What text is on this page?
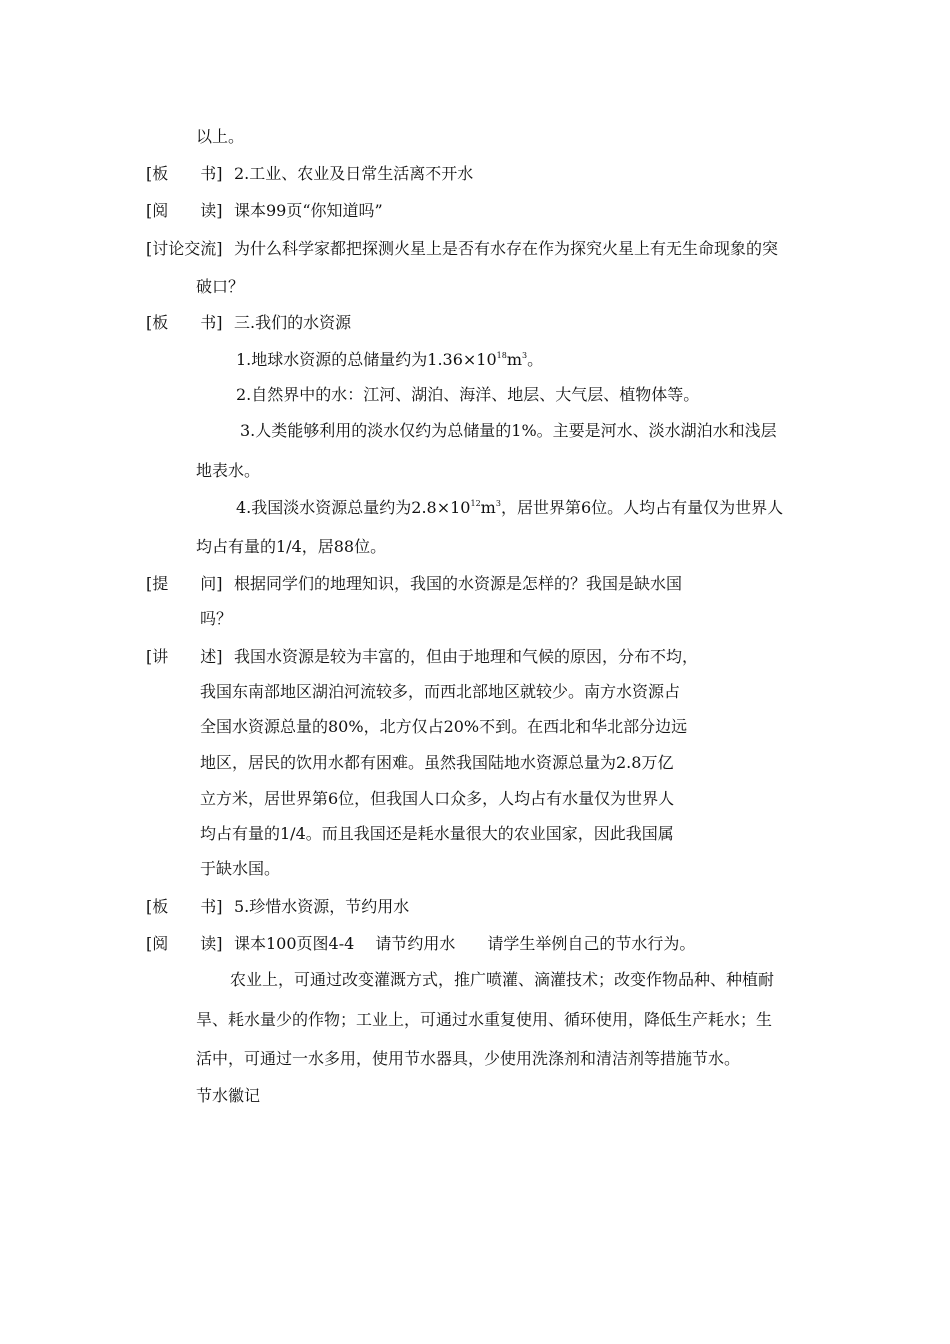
以上。
[板　　书] 2.工业、农业及日常生活离不开水
[阅　　读] 课本99页“你知道吗”
[讨论交流] 为什么科学家都把探测火星上是否有水存在作为探究火星上有无生命现象的突
破口？
[板　　书] 三.我们的水资源
1.地球水资源的总储量约为$1.36\times 10^{18}m^3$。
2.自然界中的水：江河、湖泊、海洋、地层、大气层、植物体等。
3.人类能够利用的淡水仅约为总储量的1%。主要是河水、淡水湖泊水和浅层
地表水。
4.我国淡水资源总量约为$2.8\times 10^{12}m^3$，居世界第6位。人均占有量仅为世界人
均占有量的1/4，居88位。
[提　　问] 根据同学们的地理知识，我国的水资源是怎样的？我国是缺水国
吗？
[讲　　述] 我国水资源是较为丰富的，但由于地理和气候的原因，分布不均，
我国东南部地区湖泊河流较多，而西北部地区就较少。南方水资源占
全国水资源总量的80%，北方仅占20%不到。在西北和华北部分边远
地区，居民的饮用水都有困难。虽然我国陆地水资源总量为2.8万亿
立方米，居世界第6位，但我国人口众多，人均占有水量仅为世界人
均占有量的1/4。而且我国还是耗水量很大的农业国家，因此我国属
于缺水国。
[板　　书] 5.珍惜水资源，节约用水
[阅　　读] 课本100页图4-4　 请节约用水　　请学生举例自己的节水行为。
农业上，可通过改变灌溉方式，推广喷灌、滴灌技术；改变作物品种、种植耐
旱、耗水量少的作物；工业上，可通过水重复使用、循环使用，降低生产耗水；生
活中，可通过一水多用，使用节水器具，少使用洗涤剂和清洁剂等措施节水。
节水徽记
